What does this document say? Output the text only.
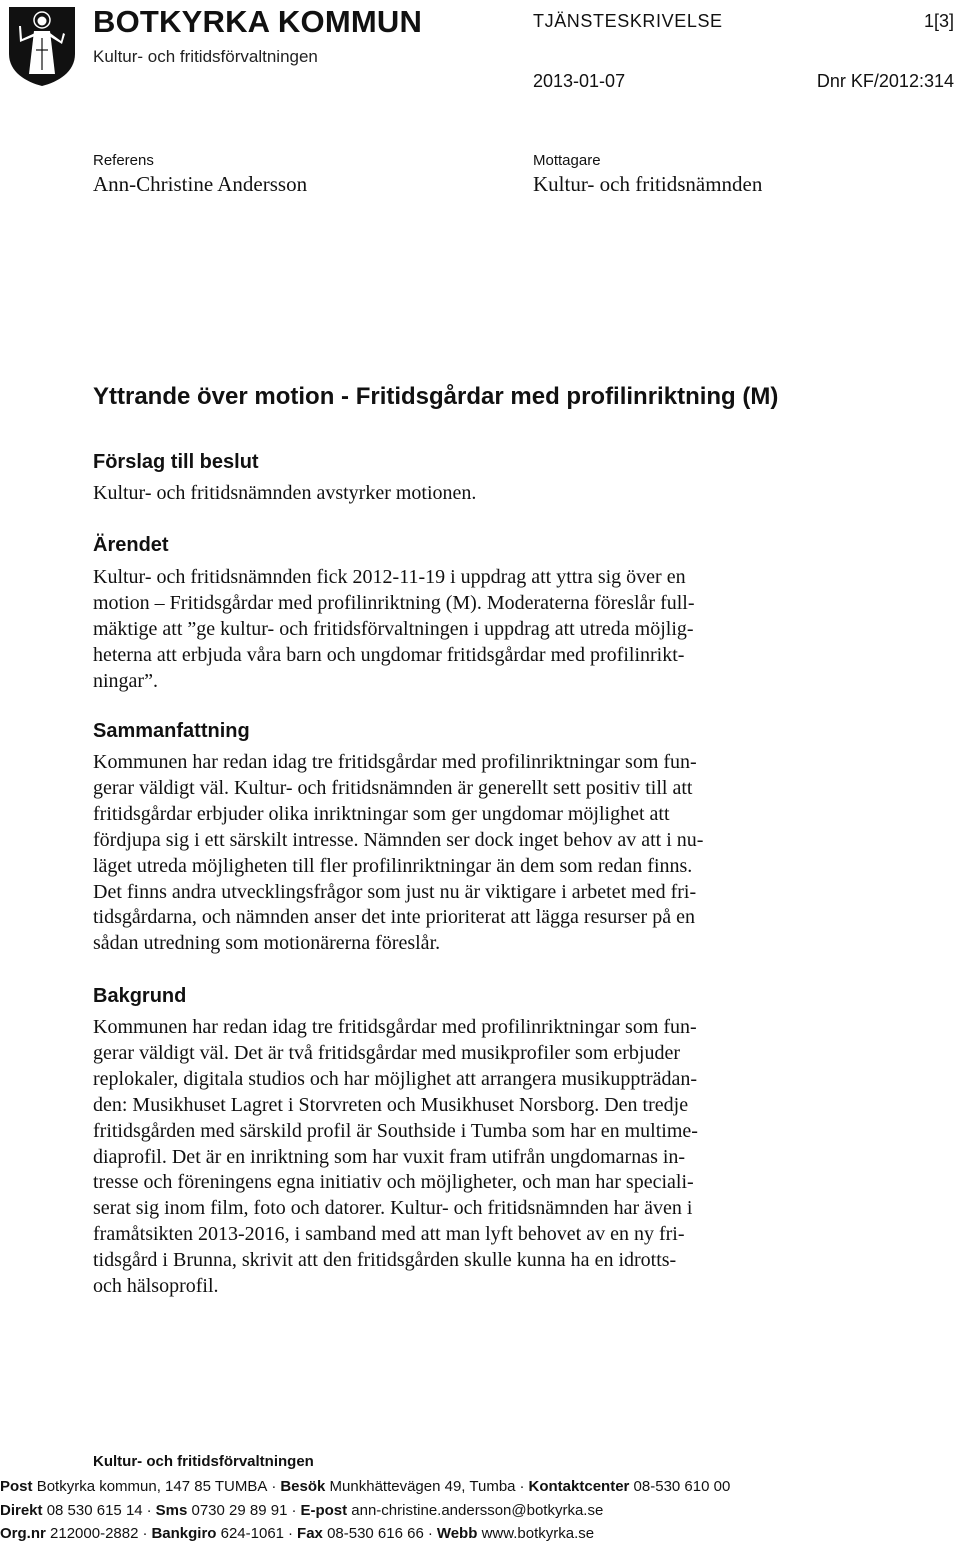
BOTKYRKA KOMMUN
Kultur- och fritidsförvaltningen
TJÄNSTESKRIVELSE	1[3]
2013-01-07	Dnr KF/2012:314
Referens
Ann-Christine Andersson
Mottagare
Kultur- och fritidsnämnden
Yttrande över motion - Fritidsgårdar med profilinriktning (M)
Förslag till beslut
Kultur- och fritidsnämnden avstyrker motionen.
Ärendet
Kultur- och fritidsnämnden fick 2012-11-19 i uppdrag att yttra sig över en
motion – Fritidsgårdar med profilinriktning (M). Moderaterna föreslår full-
mäktige att ”ge kultur- och fritidsförvaltningen i uppdrag att utreda möjlig-
heterna att erbjuda våra barn och ungdomar fritidsgårdar med profilinrikt-
ningar”.
Sammanfattning
Kommunen har redan idag tre fritidsgårdar med profilinriktningar som fun-
gerar väldigt väl. Kultur- och fritidsnämnden är generellt sett positiv till att
fritidsgårdar erbjuder olika inriktningar som ger ungdomar möjlighet att
fördjupa sig i ett särskilt intresse. Nämnden ser dock inget behov av att i nu-
läget utreda möjligheten till fler profilinriktningar än dem som redan finns.
Det finns andra utvecklingsfrågor som just nu är viktigare i arbetet med fri-
tidsgårdarna, och nämnden anser det inte prioriterat att lägga resurser på en
sådan utredning som motionärerna föreslår.
Bakgrund
Kommunen har redan idag tre fritidsgårdar med profilinriktningar som fun-
gerar väldigt väl. Det är två fritidsgårdar med musikprofiler som erbjuder
replokaler, digitala studios och har möjlighet att arrangera musikuppträdan-
den: Musikhuset Lagret i Storvreten och Musikhuset Norsborg. Den tredje
fritidsgården med särskild profil är Southside i Tumba som har en multime-
diaprofil. Det är en inriktning som har vuxit fram utifrån ungdomarnas in-
tresse och föreningens egna initiativ och möjligheter, och man har speciali-
serat sig inom film, foto och datorer. Kultur- och fritidsnämnden har även i
framåtsikten 2013-2016, i samband med att man lyft behovet av en ny fri-
tidsgård i Brunna, skrivit att den fritidsgården skulle kunna ha en idrotts-
och hälsoprofil.
Kultur- och fritidsförvaltningen
Post Botkyrka kommun, 147 85 TUMBA · Besök Munkhättevägen 49, Tumba · Kontaktcenter 08-530 610 00
Direkt 08 530 615 14 · Sms 0730 29 89 91 · E-post ann-christine.andersson@botkyrka.se
Org.nr 212000-2882 · Bankgiro 624-1061 · Fax 08-530 616 66 · Webb www.botkyrka.se
